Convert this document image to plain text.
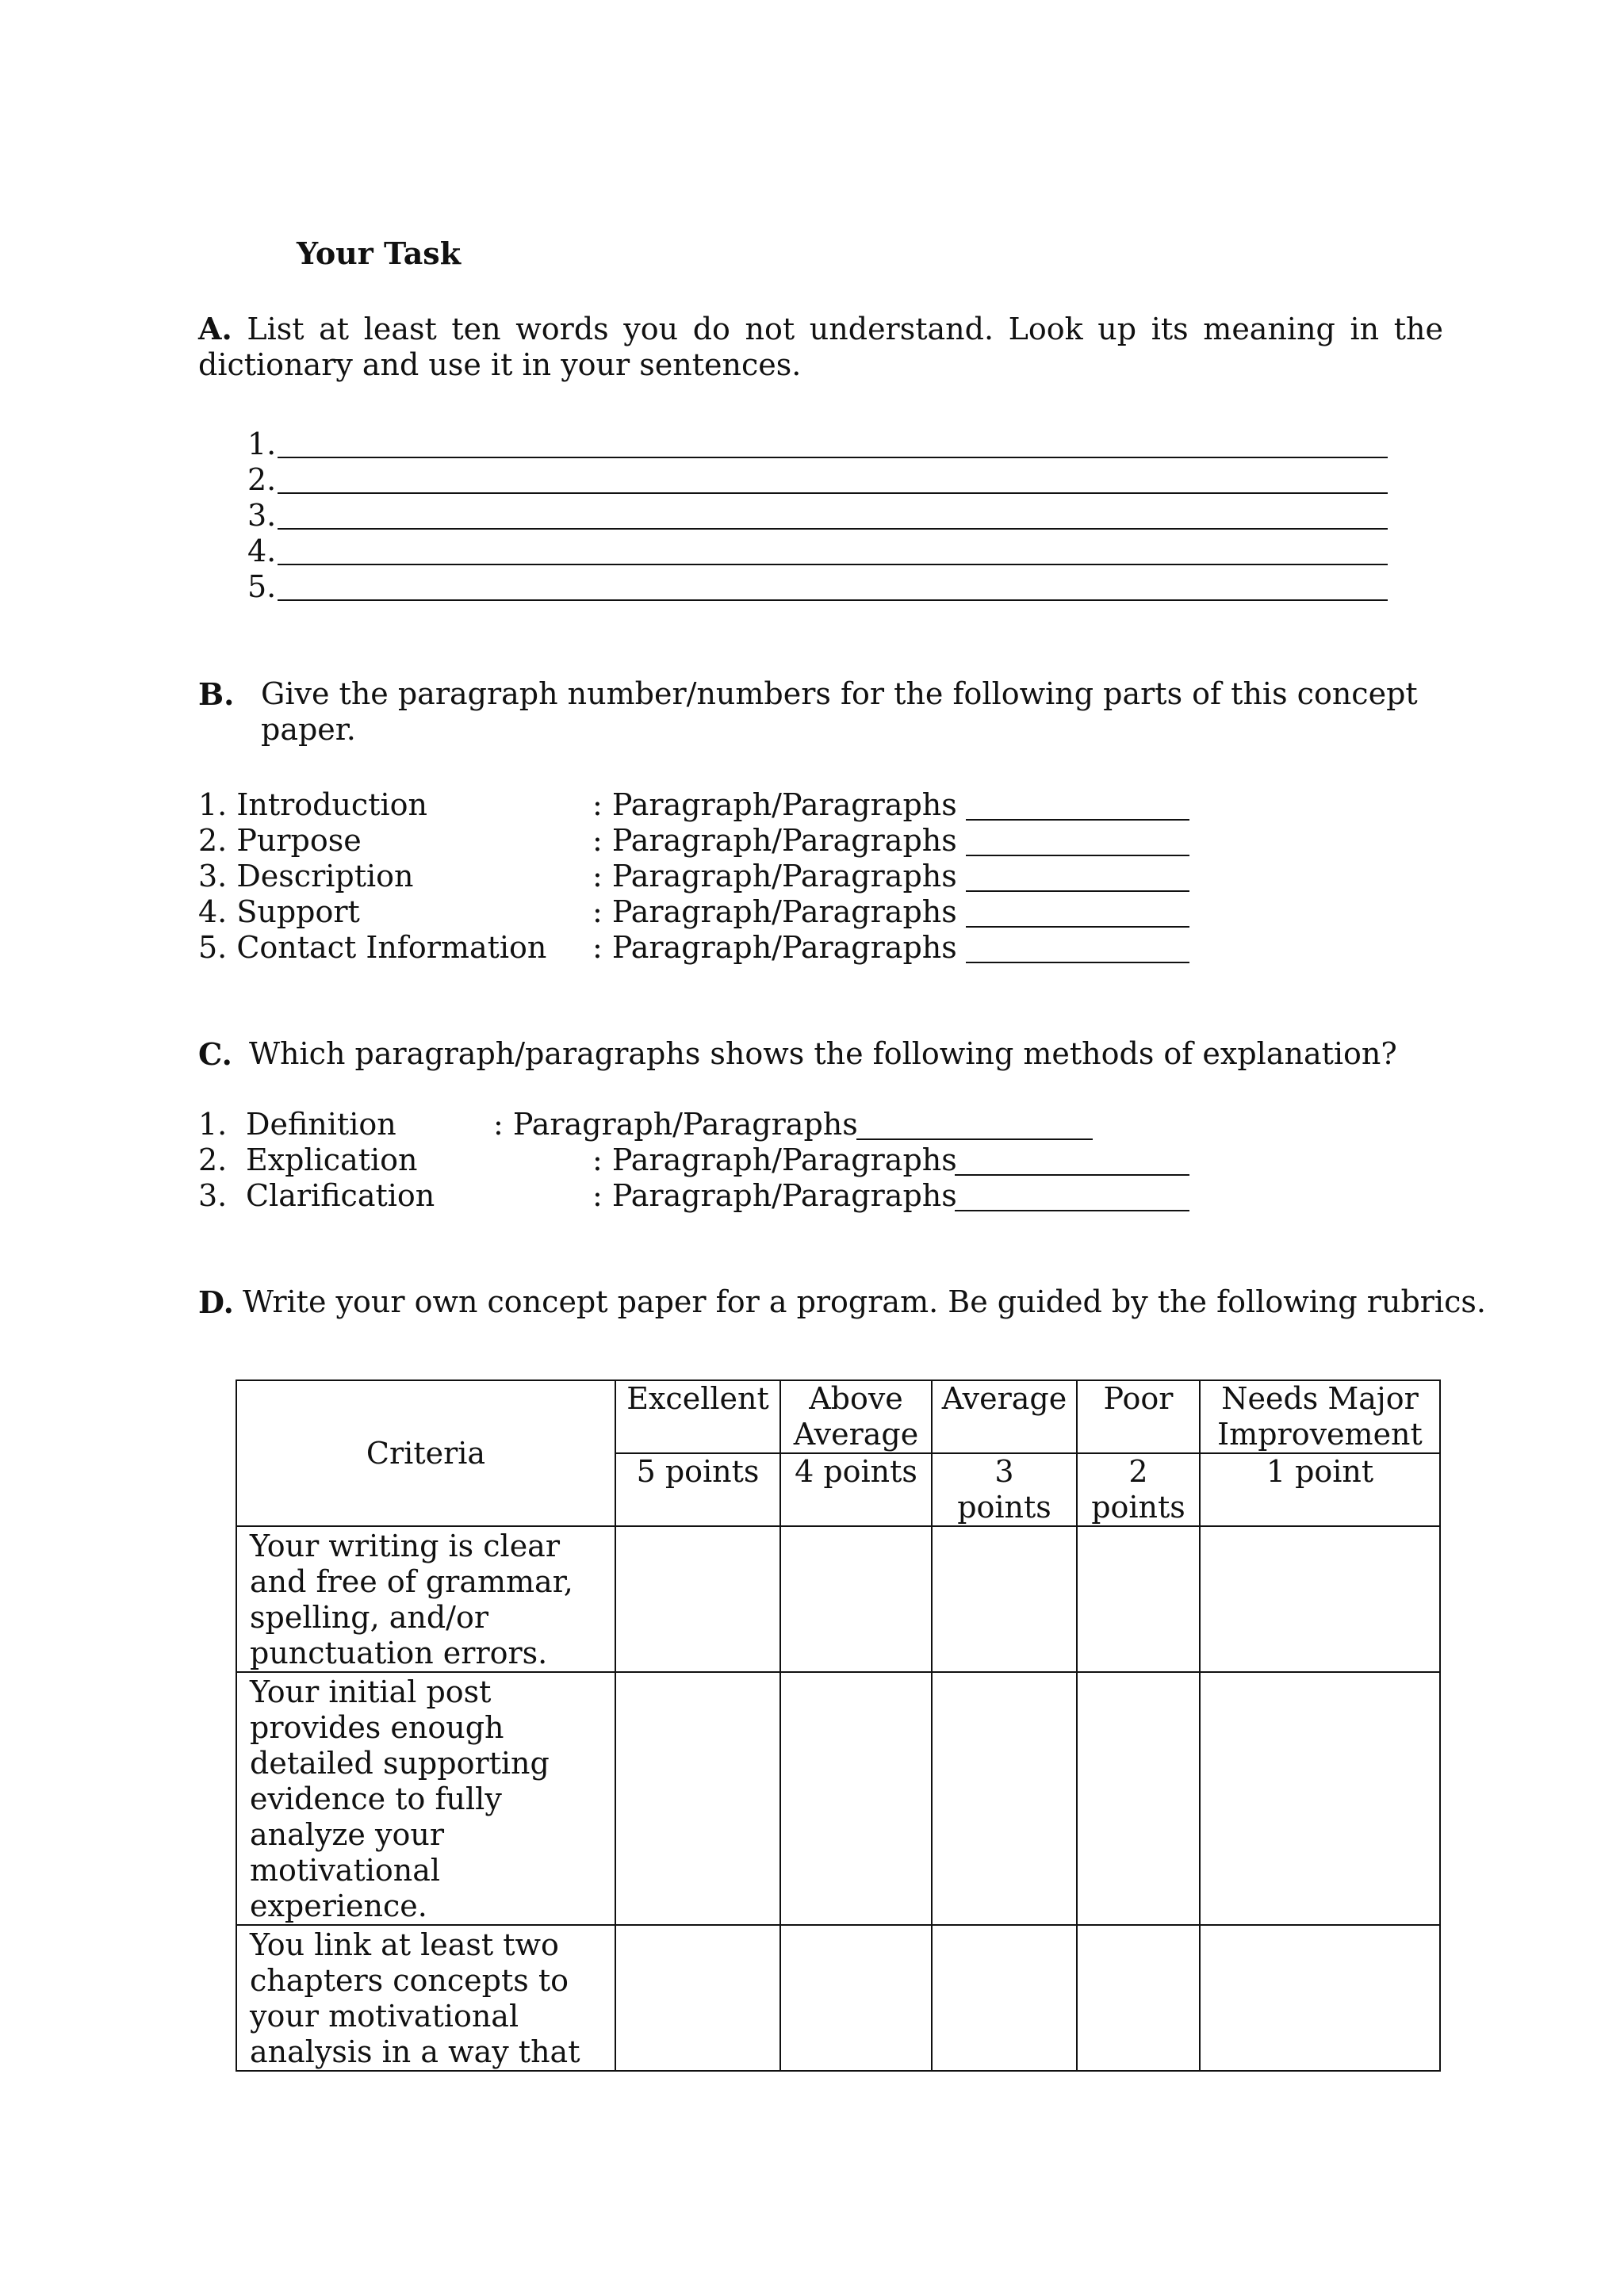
Your Task
A. List at least ten words you do not understand. Look up its meaning in the dictionary and use it in your sentences.
1.
2.
3.
4.
5.
B. Give the paragraph number/numbers for the following parts of this concept
paper.
1. Introduction	: Paragraph/Paragraphs
2. Purpose	: Paragraph/Paragraphs
3. Description	: Paragraph/Paragraphs
4. Support	: Paragraph/Paragraphs
5. Contact Information : Paragraph/Paragraphs
C. Which paragraph/paragraphs shows the following methods of explanation?
1. Definition	: Paragraph/Paragraphs
2. Explication	: Paragraph/Paragraphs
3. Clarification	: Paragraph/Paragraphs
D. Write your own concept paper for a program. Be guided by the following rubrics.
Criteria	Excellent	Above Average	Average	Poor	Needs Major Improvement
	5 points	4 points	3 points	2 points	1 point
Your writing is clear and free of grammar, spelling, and/or punctuation errors.					
Your initial post provides enough detailed supporting evidence to fully analyze your motivational experience.					
You link at least two chapters concepts to your motivational analysis in a way that					
